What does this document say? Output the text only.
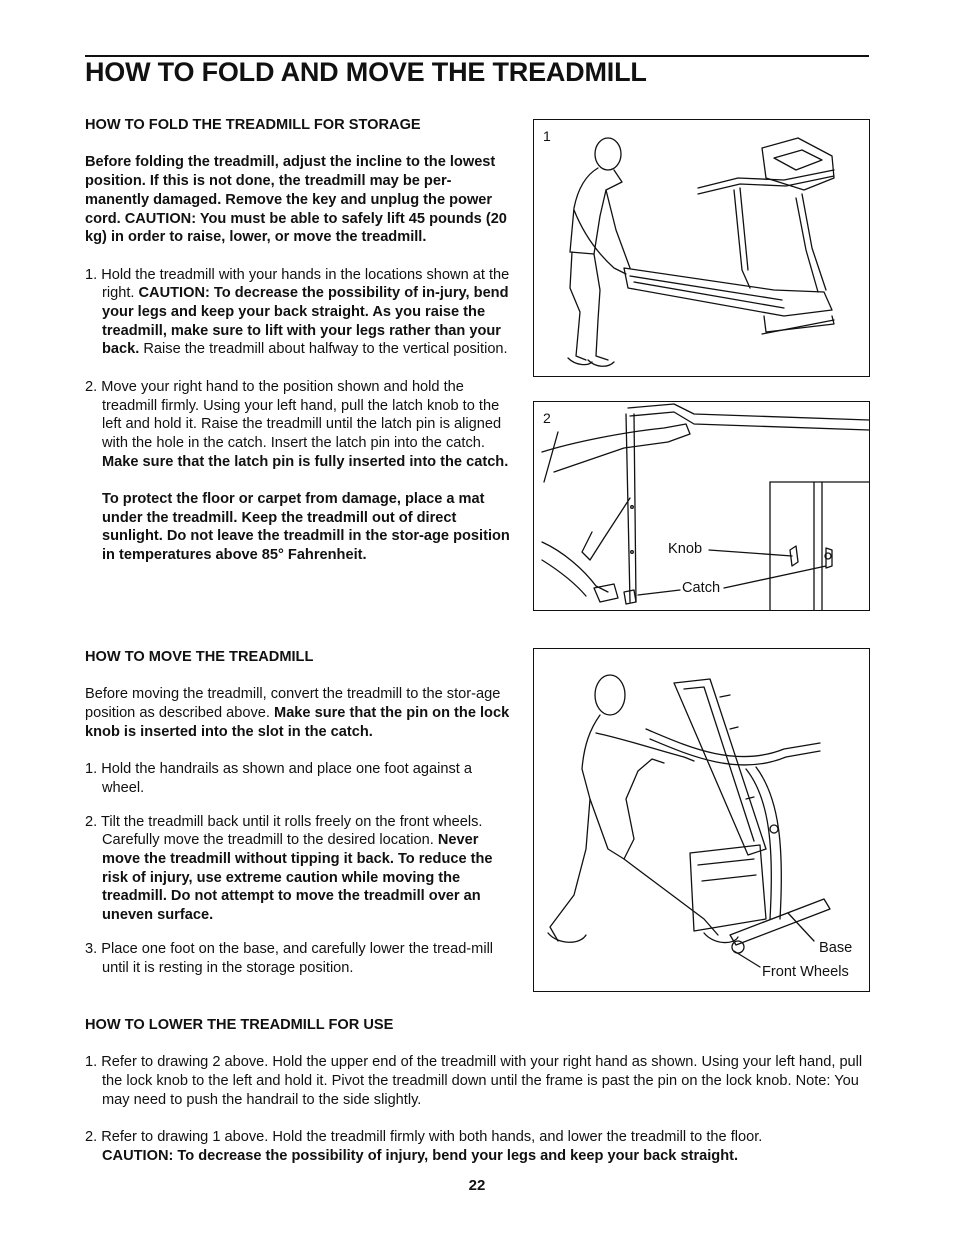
HOW TO FOLD AND MOVE THE TREADMILL

HOW TO FOLD THE TREADMILL FOR STORAGE

Before folding the treadmill, adjust the incline to the lowest position. If this is not done, the treadmill may be per-manently damaged. Remove the key and unplug the power cord. CAUTION: You must be able to safely lift 45 pounds (20 kg) in order to raise, lower, or move the treadmill.

1. Hold the treadmill with your hands in the locations shown at the right. CAUTION: To decrease the possibility of in-jury, bend your legs and keep your back straight. As you raise the treadmill, make sure to lift with your legs rather than your back. Raise the treadmill about halfway to the vertical position.

2. Move your right hand to the position shown and hold the treadmill firmly. Using your left hand, pull the latch knob to the left and hold it. Raise the treadmill until the latch pin is aligned with the hole in the catch. Insert the latch pin into the catch. Make sure that the latch pin is fully inserted into the catch.

To protect the floor or carpet from damage, place a mat under the treadmill. Keep the treadmill out of direct sunlight. Do not leave the treadmill in the stor-age position in temperatures above 85° Fahrenheit.

HOW TO MOVE THE TREADMILL

Before moving the treadmill, convert the treadmill to the stor-age position as described above. Make sure that the pin on the lock knob is inserted into the slot in the catch.

1. Hold the handrails as shown and place one foot against a wheel.

2. Tilt the treadmill back until it rolls freely on the front wheels. Carefully move the treadmill to the desired location. Never move the treadmill without tipping it back. To reduce the risk of injury, use extreme caution while moving the treadmill. Do not attempt to move the treadmill over an uneven surface.

3. Place one foot on the base, and carefully lower the tread-mill until it is resting in the storage position.

HOW TO LOWER THE TREADMILL FOR USE

1. Refer to drawing 2 above. Hold the upper end of the treadmill with your right hand as shown. Using your left hand, pull the lock knob to the left and hold it. Pivot the treadmill down until the frame is past the pin on the lock knob. Note: You may need to push the handrail to the side slightly.

2. Refer to drawing 1 above. Hold the treadmill firmly with both hands, and lower the treadmill to the floor.
CAUTION: To decrease the possibility of injury, bend your legs and keep your back straight.

1
2
Knob
Catch
Base
Front Wheels
22
